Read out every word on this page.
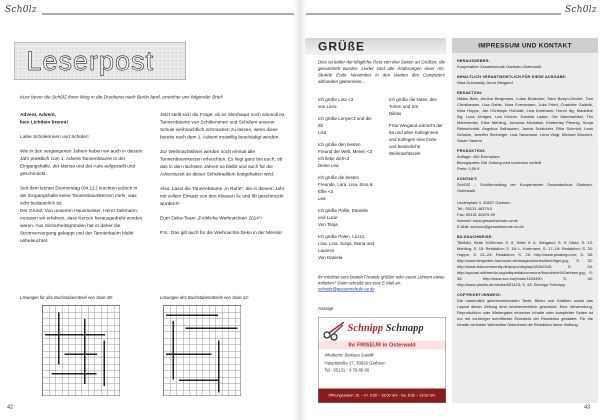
Sch0lz
Leserpost
Kurz bevor die Sch0lZ ihren Weg in die Druckerei nach Berlin fand, erreichte uns folgender Brief:

Advent, Advent,
kein Lichtlein brennt!

Liebe Schülerinnen und Schüler!

Wie in den vergangenen Jahren haben wir auch in diesem Jahr pünktlich zum 1. Advent Tannenbäume in der Eingangshalle, der Mensa und der Aula aufgestellt und geschmückt.

Seit dem letzten Donnerstag (04.12.) leuchten jedoch in der Eingangshalle keine Tannenbaumkerzen mehr, was sehr bedauerlich ist.
Der Grund: Von unserem Hausmeister, Herrn Dekmann, mussten wir erfahren, dass Kerzen herausgedreht worden waren. Aus Sicherheitsgründen hat er daher die Stromversorgung gekappt und der Tannenbaum bleibt unbeleuchtet.

Jetzt stellt sich die Frage, ob es überhaupt noch sinnvoll ist, Tannenbäume von Schülerinnen und Schülern unserer Schule weihnachtlich schmücken zu lassen, wenn diese bereits nach dem 1. Advent mutwillig beschädigt werden.

Zur Weihnachtsfeier werden noch einmal alle Tannenbaumkerzen erleuchten. Es liegt ganz bei euch, ob das in den nächsten Jahren so bleibt und auch für die Adventszeit an dieser Schultradition festgehalten wird.

Also: Lasst die Tannenbäume „in Ruhe“, die in diesem Jahr mit vollem Einsatz von den Klassen 5c und 8b geschmückt wurden!!!

Euer Deko-Team „Fröhliche Weihnachten 2014“!

P.S.: Das gilt auch für die Weihnachts-Deko in der Mensa!

Lösungen für das Buchstabenrätsel von Seite 39:	Lösungen des Buchstabenrätsels von Seite 32:
42
Sch0lz
GRÜßE
Dies ist leider der klägliche Rest von drei Seiten an Grüßen, die gesammelt wurden. Leider sind alle Änderungen einer AG-Stunde Ende November in den Weiten des Computers abhanden gekommen...
Ich grüße Lina <3
von Lena
Ich grüße Lenya<3 und die
6b
Lisa
Ich grüße den besten
Freund der Welt, Melvin <3
Ich liebe dich<3
Deine Lea
Ich grüße die besten
Freunde, Lara, Lisa, Sina &
Elfie <3
Lea
Ich grüße Pallie, Danielle
und Lucie
Von Tanja
Ich grüße Palen, Luzzo,
Lina, Lina, Sonja, Mona und
Laurens
Von Daniela
Ich grüße die Nase, den
Torten und Sm
Niklas
Frau Weigand wünscht der
6a und allen Kolleginnen
und Kollegen eine frohe
und besinnliche
Weihnachtszeit!
Ihr möchtet eure besten Freunde grüßen oder euren Lehrern etwas mitteilen? Dann schreibt uns eine E-Mail an: schoolz@gesamtschule-ov.de
Anzeige
Schnipp Schnapp
Ihr FRISEUR in Osterwald
Inhaberin: Barbara Gawlik
Hauptstraße 27, 30826 Garbsen
Tel.: 05131 - 4 79 85 90
Öffnungszeiten: Di. – Fr. 9:00 – 18:00 Uhr · Sa. 8:00 – 13:00 Uhr
IMPRESSUM UND KONTAKT
HERAUSGEBER:
Kooperative Gesamtschule Garbsen-Osterwald
INHALTLICH VERANTWORTLICH FÜR DIESE AUSGABE:
Nina Dubowsky, Anna Weigand
REDAKTION:
Niklas Bein, Annina Bergmann, Luisa Bödecker, Sara Bozyn-Decker, Tom Christiansen, Lisa Dahle, Nora Eversmann, Julia Fried, Charlotte Gaidzik, Nina Hoppe, Jan Christoph Hußnatt, Lina Kortmann, Henni Ilig, Madeline Ilig, Luca Jentges, Lea Kircher, Daniela Laake, Ole Marohwinkel, Tim Meierhenke, Elise Mehling, Johanna Michalski, Kimberley Pfennig, Sonja Reinschmidt, Angelica Salhausen, Jannis Schlichter, Rike Schmidt, Leah Schulze, Jennifer Steininger, Lisa Tanzmann, Lena Voigt, Michael Wochert, Sarah Yasemi
PRODUKTION:
Auflage: 400 Exemplare
Bezugspreis: Die Zeitung wird kostenlos verteilt
Preis: 0,50 €
KONTAKT:
SchOlZ – Schülerzeitung der Kooperativen Gesamtschule Garbsen-Osterwald

Lindenplatz 4, 30827 Garbsen
Tel.: 05131 46379-0
Fax: 05131 46379-99
Internet: www.gesamtschule-ov.de
E-Mail: schoolz@gesamtschule-ov.de
BILDNACHWEISE:
Titelbild, Seite 10/Kirmes S. 8, Seite 9: A. Weigand; S. 9: Dietz; S. 13: Mehling; S. 15: Redaktion; S. 16: L. Kortmann; S. 17–19: Redaktion; S. 20: Hoppe; S. 21–24: Redaktion; S. 25: http://www.pixabay.com; S. 28: http://www.tiergarten-hannover.de/images/stories/tiere/tiger.jpg; S. 32: http://www.fotocommunity.de/pc/pc/display/18262345; S. 34: http://upload.wikimedia.org/wikipedia/commons/thumb/e/e9/Garbsen.jpg; S. 38: http://www.sxc.hu/photo/1163490; S. 40: http://www.pixelio.de/media/651423; S. 43: Schnipp Schnapp
COPYRIGHT-HINWEIS:
Die namentlich gekennzeichneten Texte, Bilder und Grafiken sowie das Layout dieser Zeitung sind urheberrechtlich geschützt. Eine Verwendung, Reproduktion oder Weitergabe einzelner Inhalte oder kompletter Seiten ist nur mit vorheriger schriftlicher Erlaubnis der Redaktion gestattet. Für die Inhalte verlinkter Webseiten übernimmt die Redaktion keine Haftung.
43
